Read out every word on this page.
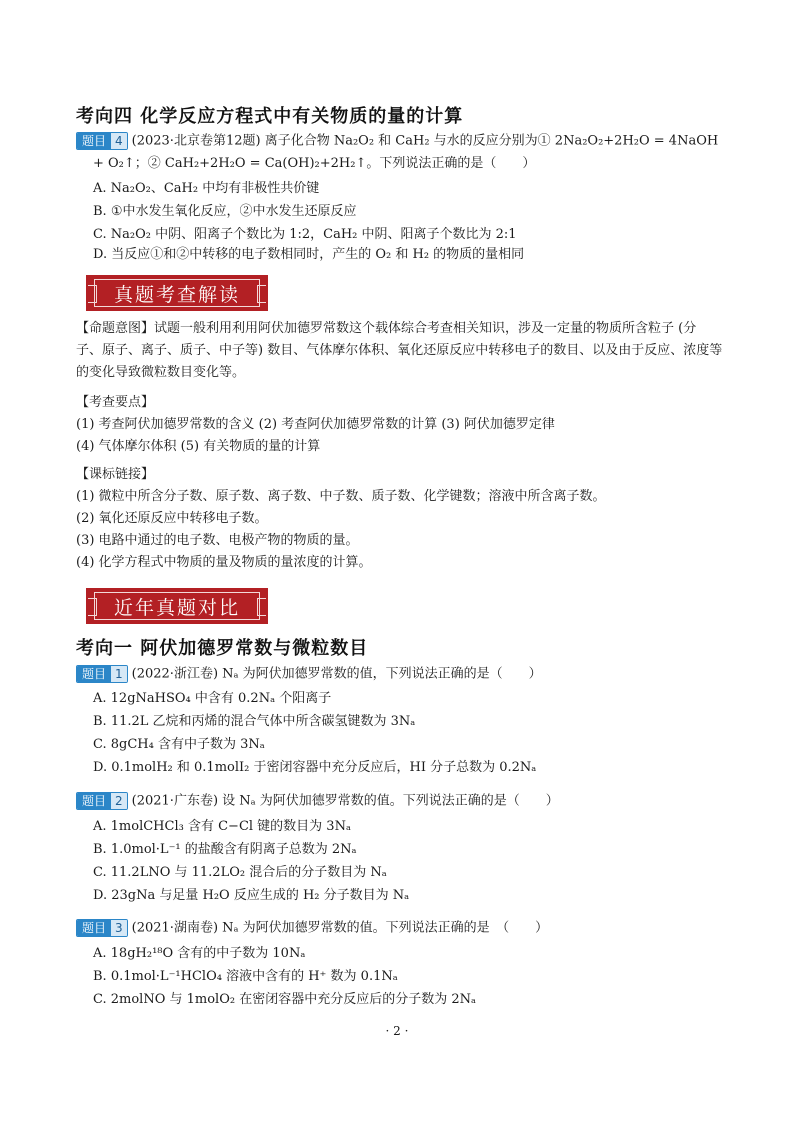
考向四 化学反应方程式中有关物质的量的计算
题目 4 (2023·北京卷第12题) 离子化合物 Na₂O₂ 和 CaH₂ 与水的反应分别为① 2Na₂O₂+2H₂O = 4NaOH
+ O₂↑；② CaH₂+2H₂O = Ca(OH)₂+2H₂↑。下列说法正确的是（　　）
A. Na₂O₂、CaH₂ 中均有非极性共价键
B. ①中水发生氧化反应，②中水发生还原反应
C. Na₂O₂ 中阴、阳离子个数比为 1:2，CaH₂ 中阴、阳离子个数比为 2:1
D. 当反应①和②中转移的电子数相同时，产生的 O₂ 和 H₂ 的物质的量相同
真题考查解读
【命题意图】试题一般利用利用阿伏加德罗常数这个载体综合考查相关知识，涉及一定量的物质所含粒子 (分
子、原子、离子、质子、中子等) 数目、气体摩尔体积、氧化还原反应中转移电子的数目、以及由于反应、浓度等
的变化导致微粒数目变化等。
【考查要点】
(1) 考查阿伏加德罗常数的含义 (2) 考查阿伏加德罗常数的计算 (3) 阿伏加德罗定律
(4) 气体摩尔体积 (5) 有关物质的量的计算
【课标链接】
(1) 微粒中所含分子数、原子数、离子数、中子数、质子数、化学键数；溶液中所含离子数。
(2) 氧化还原反应中转移电子数。
(3) 电路中通过的电子数、电极产物的物质的量。
(4) 化学方程式中物质的量及物质的量浓度的计算。
近年真题对比
考向一 阿伏加德罗常数与微粒数目
题目 1 (2022·浙江卷) Nₐ 为阿伏加德罗常数的值，下列说法正确的是（　　）
A. 12gNaHSO₄ 中含有 0.2Nₐ 个阳离子
B. 11.2L 乙烷和丙烯的混合气体中所含碳氢键数为 3Nₐ
C. 8gCH₄ 含有中子数为 3Nₐ
D. 0.1molH₂ 和 0.1molI₂ 于密闭容器中充分反应后，HI 分子总数为 0.2Nₐ
题目 2 (2021·广东卷) 设 Nₐ 为阿伏加德罗常数的值。下列说法正确的是（　　）
A. 1molCHCl₃ 含有 C−Cl 键的数目为 3Nₐ
B. 1.0mol·L⁻¹ 的盐酸含有阴离子总数为 2Nₐ
C. 11.2LNO 与 11.2LO₂ 混合后的分子数目为 Nₐ
D. 23gNa 与足量 H₂O 反应生成的 H₂ 分子数目为 Nₐ
题目 3 (2021·湖南卷) Nₐ 为阿伏加德罗常数的值。下列说法正确的是　（　　）
A. 18gH₂¹⁸O 含有的中子数为 10Nₐ
B. 0.1mol·L⁻¹HClO₄ 溶液中含有的 H⁺ 数为 0.1Nₐ
C. 2molNO 与 1molO₂ 在密闭容器中充分反应后的分子数为 2Nₐ
· 2 ·
